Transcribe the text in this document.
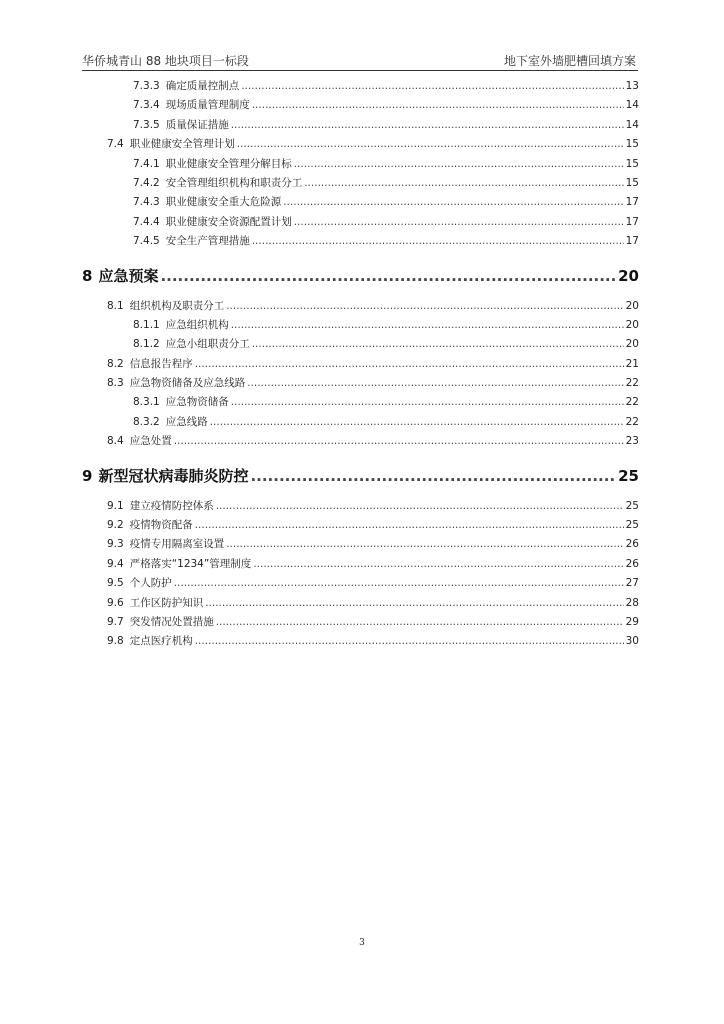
华侨城青山 88 地块项目一标段	地下室外墙肥槽回填方案
7.3.3 确定质量控制点 .....	13
7.3.4 现场质量管理制度 .....	14
7.3.5 质量保证措施 .....	14
7.4 职业健康安全管理计划 .....	15
7.4.1 职业健康安全管理分解目标 .....	15
7.4.2 安全管理组织机构和职责分工 .....	15
7.4.3 职业健康安全重大危险源 .....	17
7.4.4 职业健康安全资源配置计划 .....	17
7.4.5 安全生产管理措施 .....	17
8 应急预案 .....	20
8.1 组织机构及职责分工 .....	20
8.1.1 应急组织机构 .....	20
8.1.2 应急小组职责分工 .....	20
8.2 信息报告程序 .....	21
8.3 应急物资储备及应急线路 .....	22
8.3.1 应急物资储备 .....	22
8.3.2 应急线路 .....	22
8.4 应急处置 .....	23
9 新型冠状病毒肺炎防控 .....	25
9.1 建立疫情防控体系 .....	25
9.2 疫情物资配备 .....	25
9.3 疫情专用隔离室设置 .....	26
9.4 严格落实“1234”管理制度 .....	26
9.5 个人防护 .....	27
9.6 工作区防护知识 .....	28
9.7 突发情况处置措施 .....	29
9.8 定点医疗机构 .....	30
3
